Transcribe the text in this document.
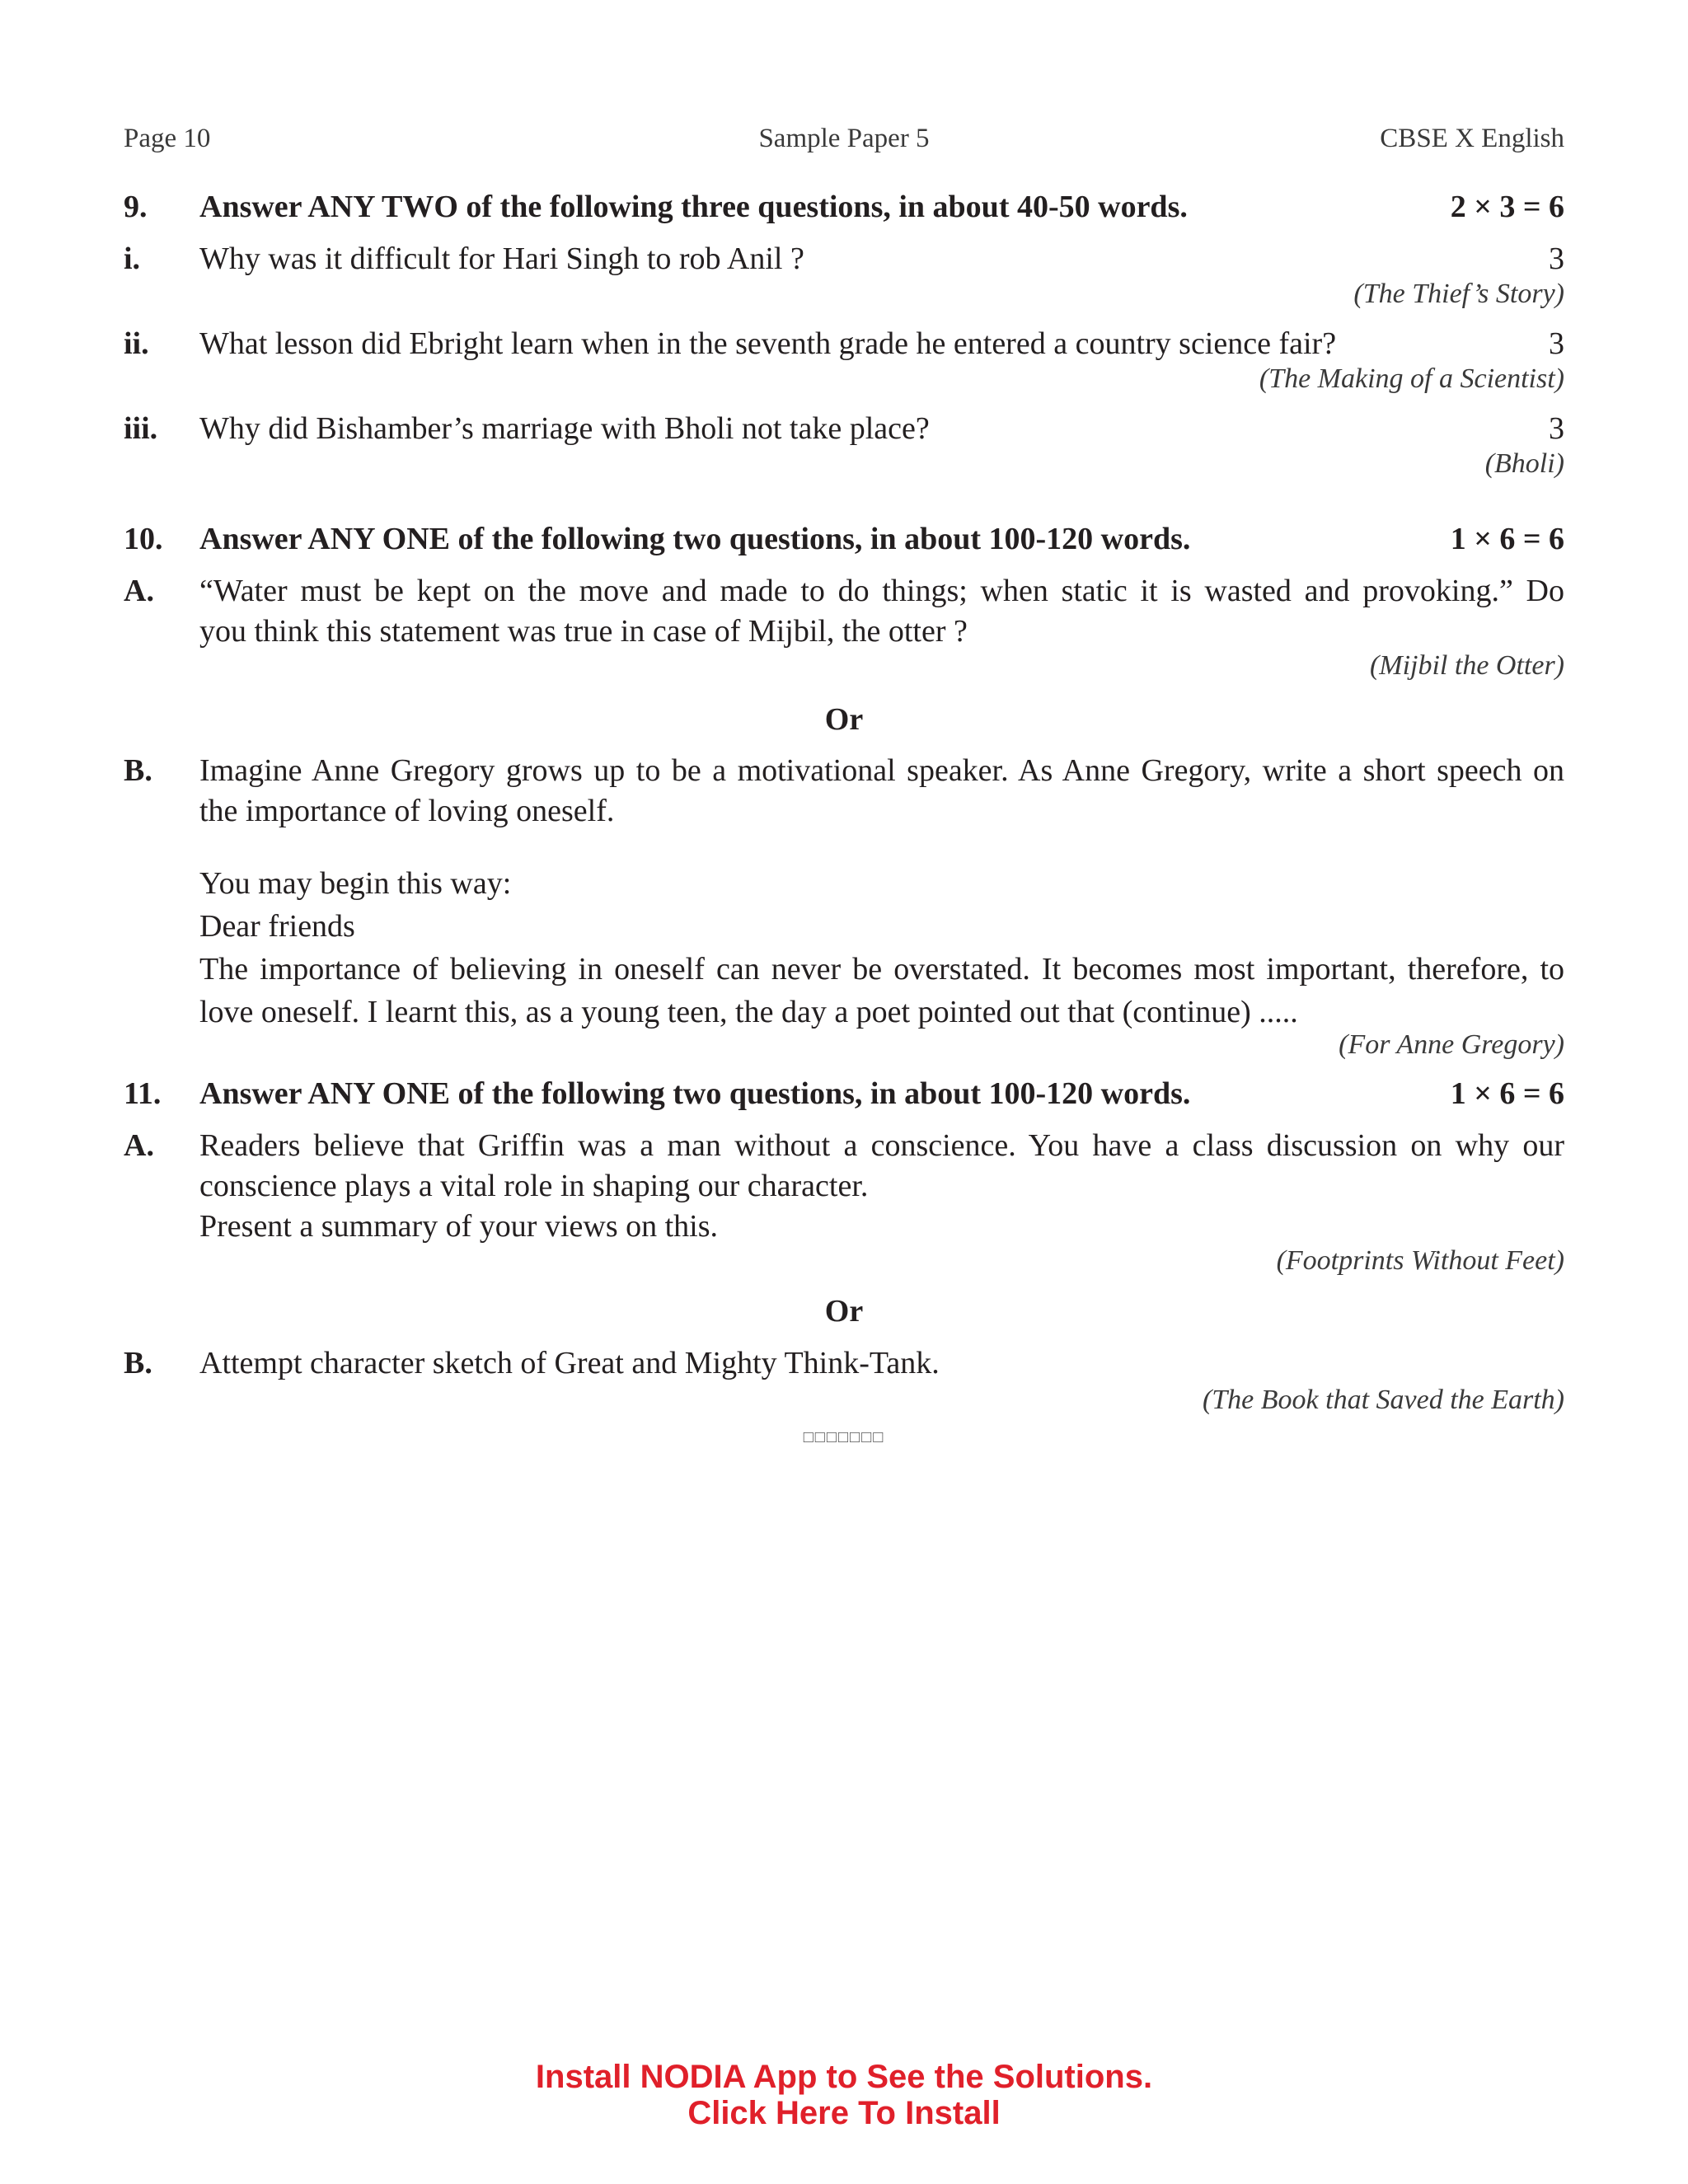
Page 10	Sample Paper 5	CBSE X English
9. Answer ANY TWO of the following three questions, in about 40-50 words.	2 × 3 = 6
i. Why was it difficult for Hari Singh to rob Anil ?	3
(The Thief’s Story)
ii. What lesson did Ebright learn when in the seventh grade he entered a country science fair?	3
(The Making of a Scientist)
iii. Why did Bishamber’s marriage with Bholi not take place?	3
(Bholi)
10. Answer ANY ONE of the following two questions, in about 100-120 words.	1 × 6 = 6
A. “Water must be kept on the move and made to do things; when static it is wasted and provoking.” Do
you think this statement was true in case of Mijbil, the otter ?
(Mijbil the Otter)
Or
B. Imagine Anne Gregory grows up to be a motivational speaker. As Anne Gregory, write a short speech on
the importance of loving oneself.
You may begin this way:
Dear friends
The importance of believing in oneself can never be overstated. It becomes most important, therefore, to
love oneself. I learnt this, as a young teen, the day a poet pointed out that (continue) .....
(For Anne Gregory)
11. Answer ANY ONE of the following two questions, in about 100-120 words.	1 × 6 = 6
A. Readers believe that Griffin was a man without a conscience. You have a class discussion on why our
conscience plays a vital role in shaping our character.
Present a summary of your views on this.
(Footprints Without Feet)
Or
B. Attempt character sketch of Great and Mighty Think-Tank.
(The Book that Saved the Earth)
□□□□□□□
Install NODIA App to See the Solutions.
Click Here To Install
